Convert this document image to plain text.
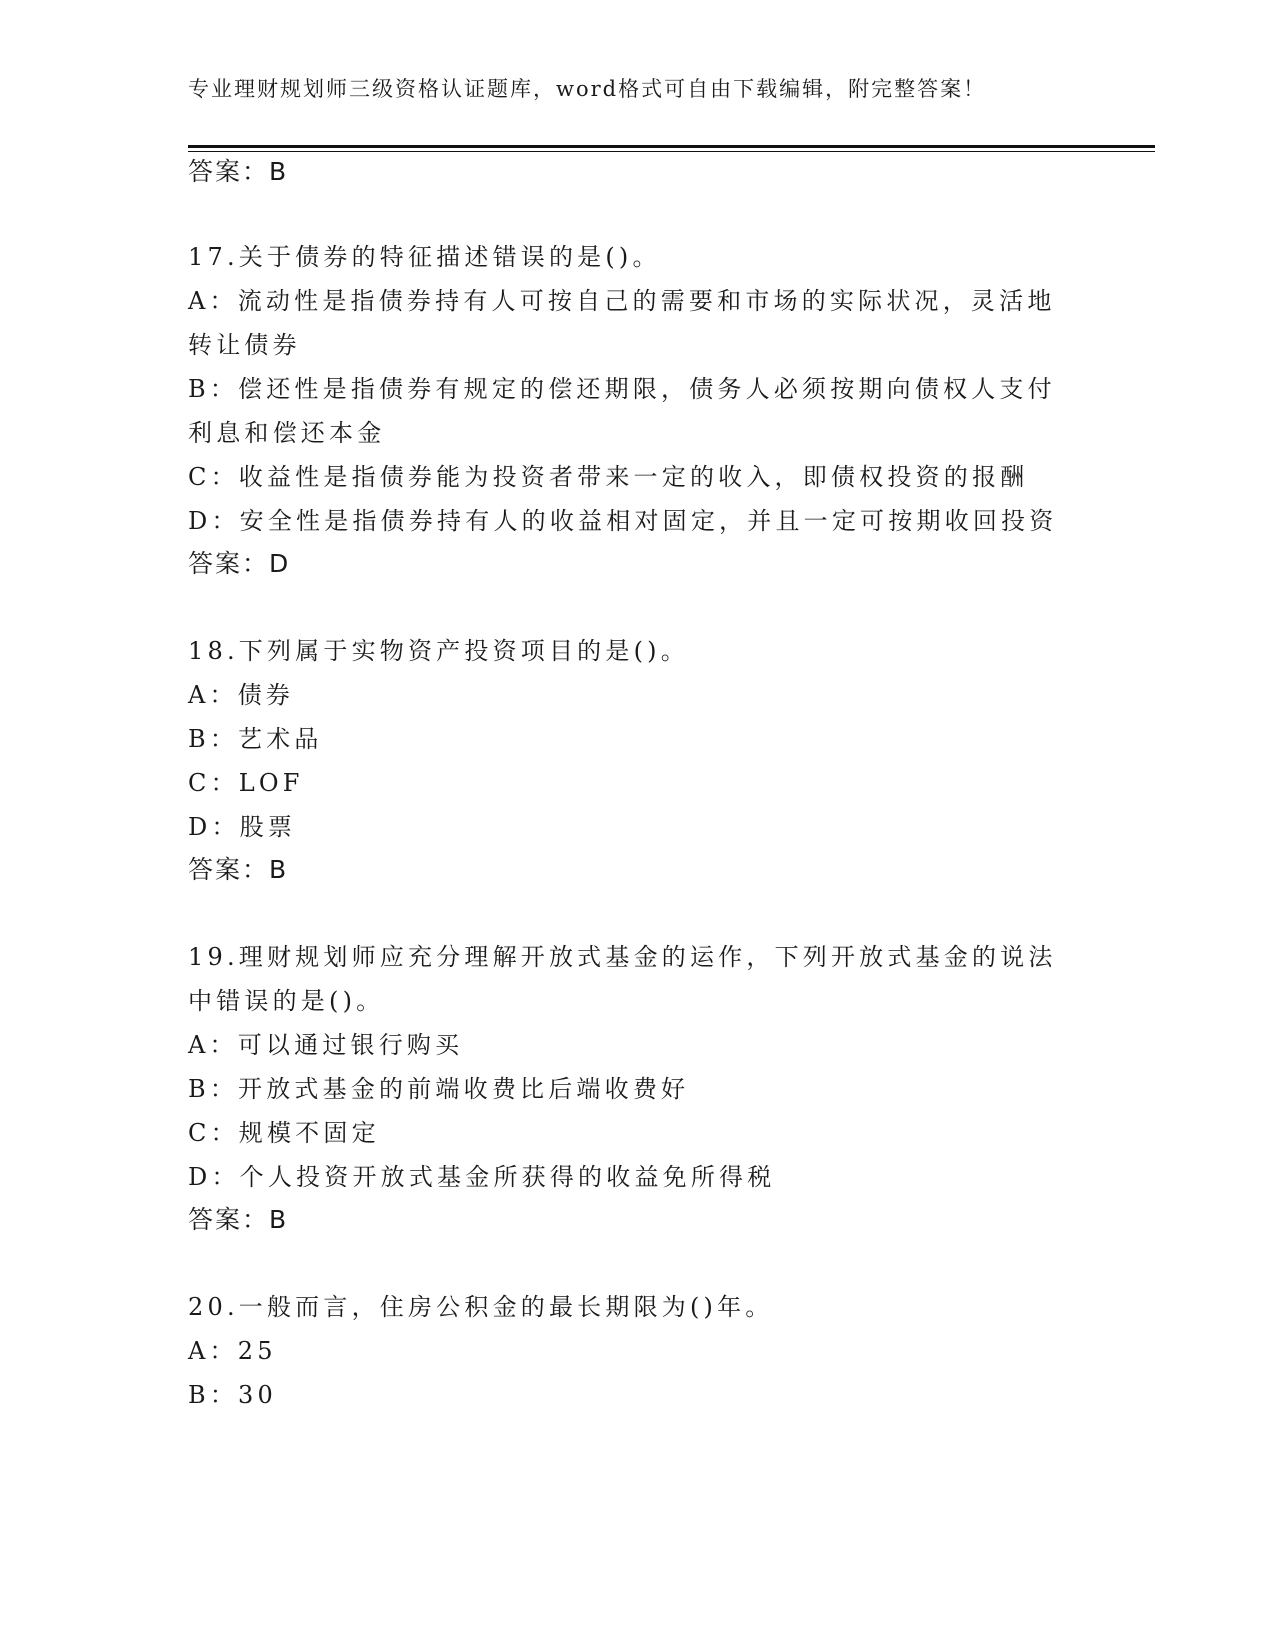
专业理财规划师三级资格认证题库，word格式可自由下载编辑，附完整答案！
答案：B
17.关于债券的特征描述错误的是()。
A：流动性是指债券持有人可按自己的需要和市场的实际状况，灵活地
转让债券
B：偿还性是指债券有规定的偿还期限，债务人必须按期向债权人支付
利息和偿还本金
C：收益性是指债券能为投资者带来一定的收入，即债权投资的报酬
D：安全性是指债券持有人的收益相对固定，并且一定可按期收回投资
答案：D
18.下列属于实物资产投资项目的是()。
A：债券
B：艺术品
C：LOF
D：股票
答案：B
19.理财规划师应充分理解开放式基金的运作，下列开放式基金的说法
中错误的是()。
A：可以通过银行购买
B：开放式基金的前端收费比后端收费好
C：规模不固定
D：个人投资开放式基金所获得的收益免所得税
答案：B
20.一般而言，住房公积金的最长期限为()年。
A：25
B：30
